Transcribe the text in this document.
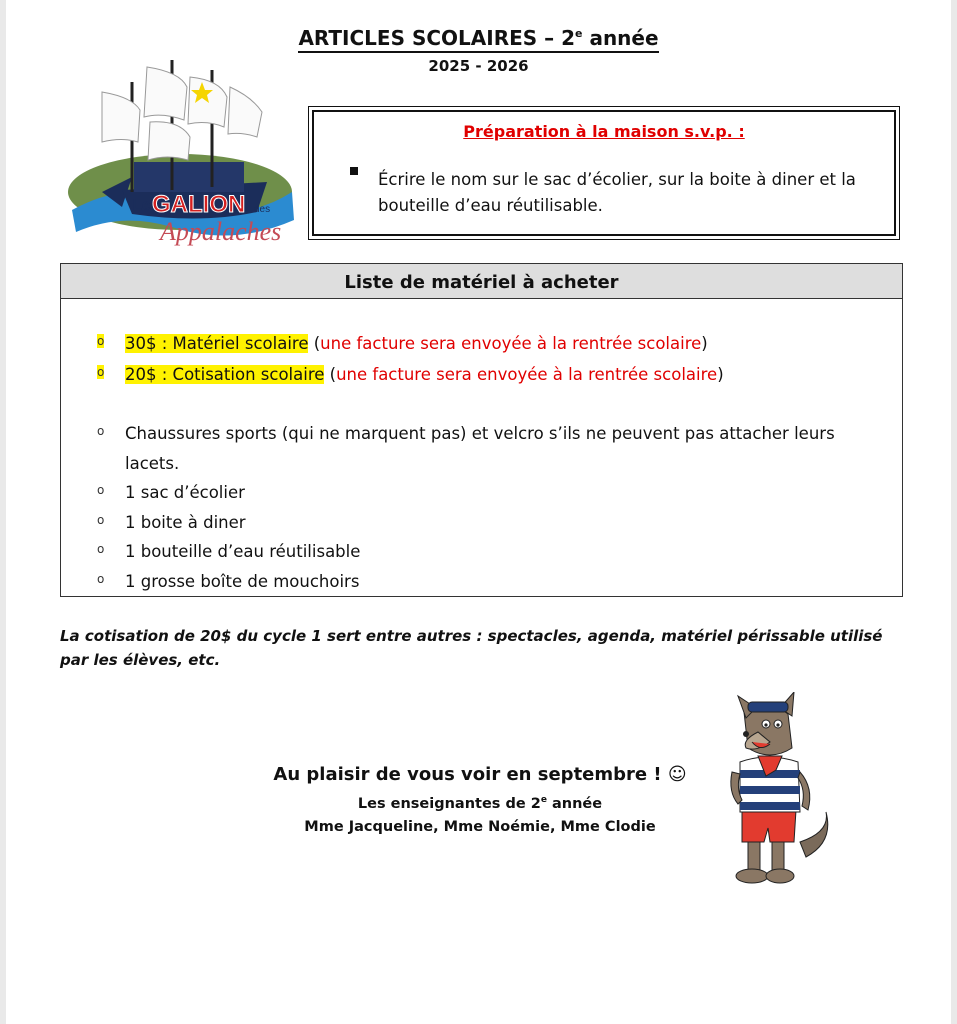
ARTICLES SCOLAIRES – 2e année
2025 - 2026
Le GALION des
Appalaches
Préparation à la maison s.v.p. :
Écrire le nom sur le sac d’écolier, sur la boite à diner et la bouteille d’eau réutilisable.
Liste de matériel à acheter
o 30$ : Matériel scolaire (une facture sera envoyée à la rentrée scolaire)
o 20$ : Cotisation scolaire (une facture sera envoyée à la rentrée scolaire)
o Chaussures sports (qui ne marquent pas) et velcro s’ils ne peuvent pas attacher leurs
lacets.
o 1 sac d’écolier
o 1 boite à diner
o 1 bouteille d’eau réutilisable
o 1 grosse boîte de mouchoirs
La cotisation de 20$ du cycle 1 sert entre autres : spectacles, agenda, matériel périssable utilisé par les élèves, etc.
Au plaisir de vous voir en septembre ! ☺
Les enseignantes de 2e année
Mme Jacqueline, Mme Noémie, Mme Clodie
